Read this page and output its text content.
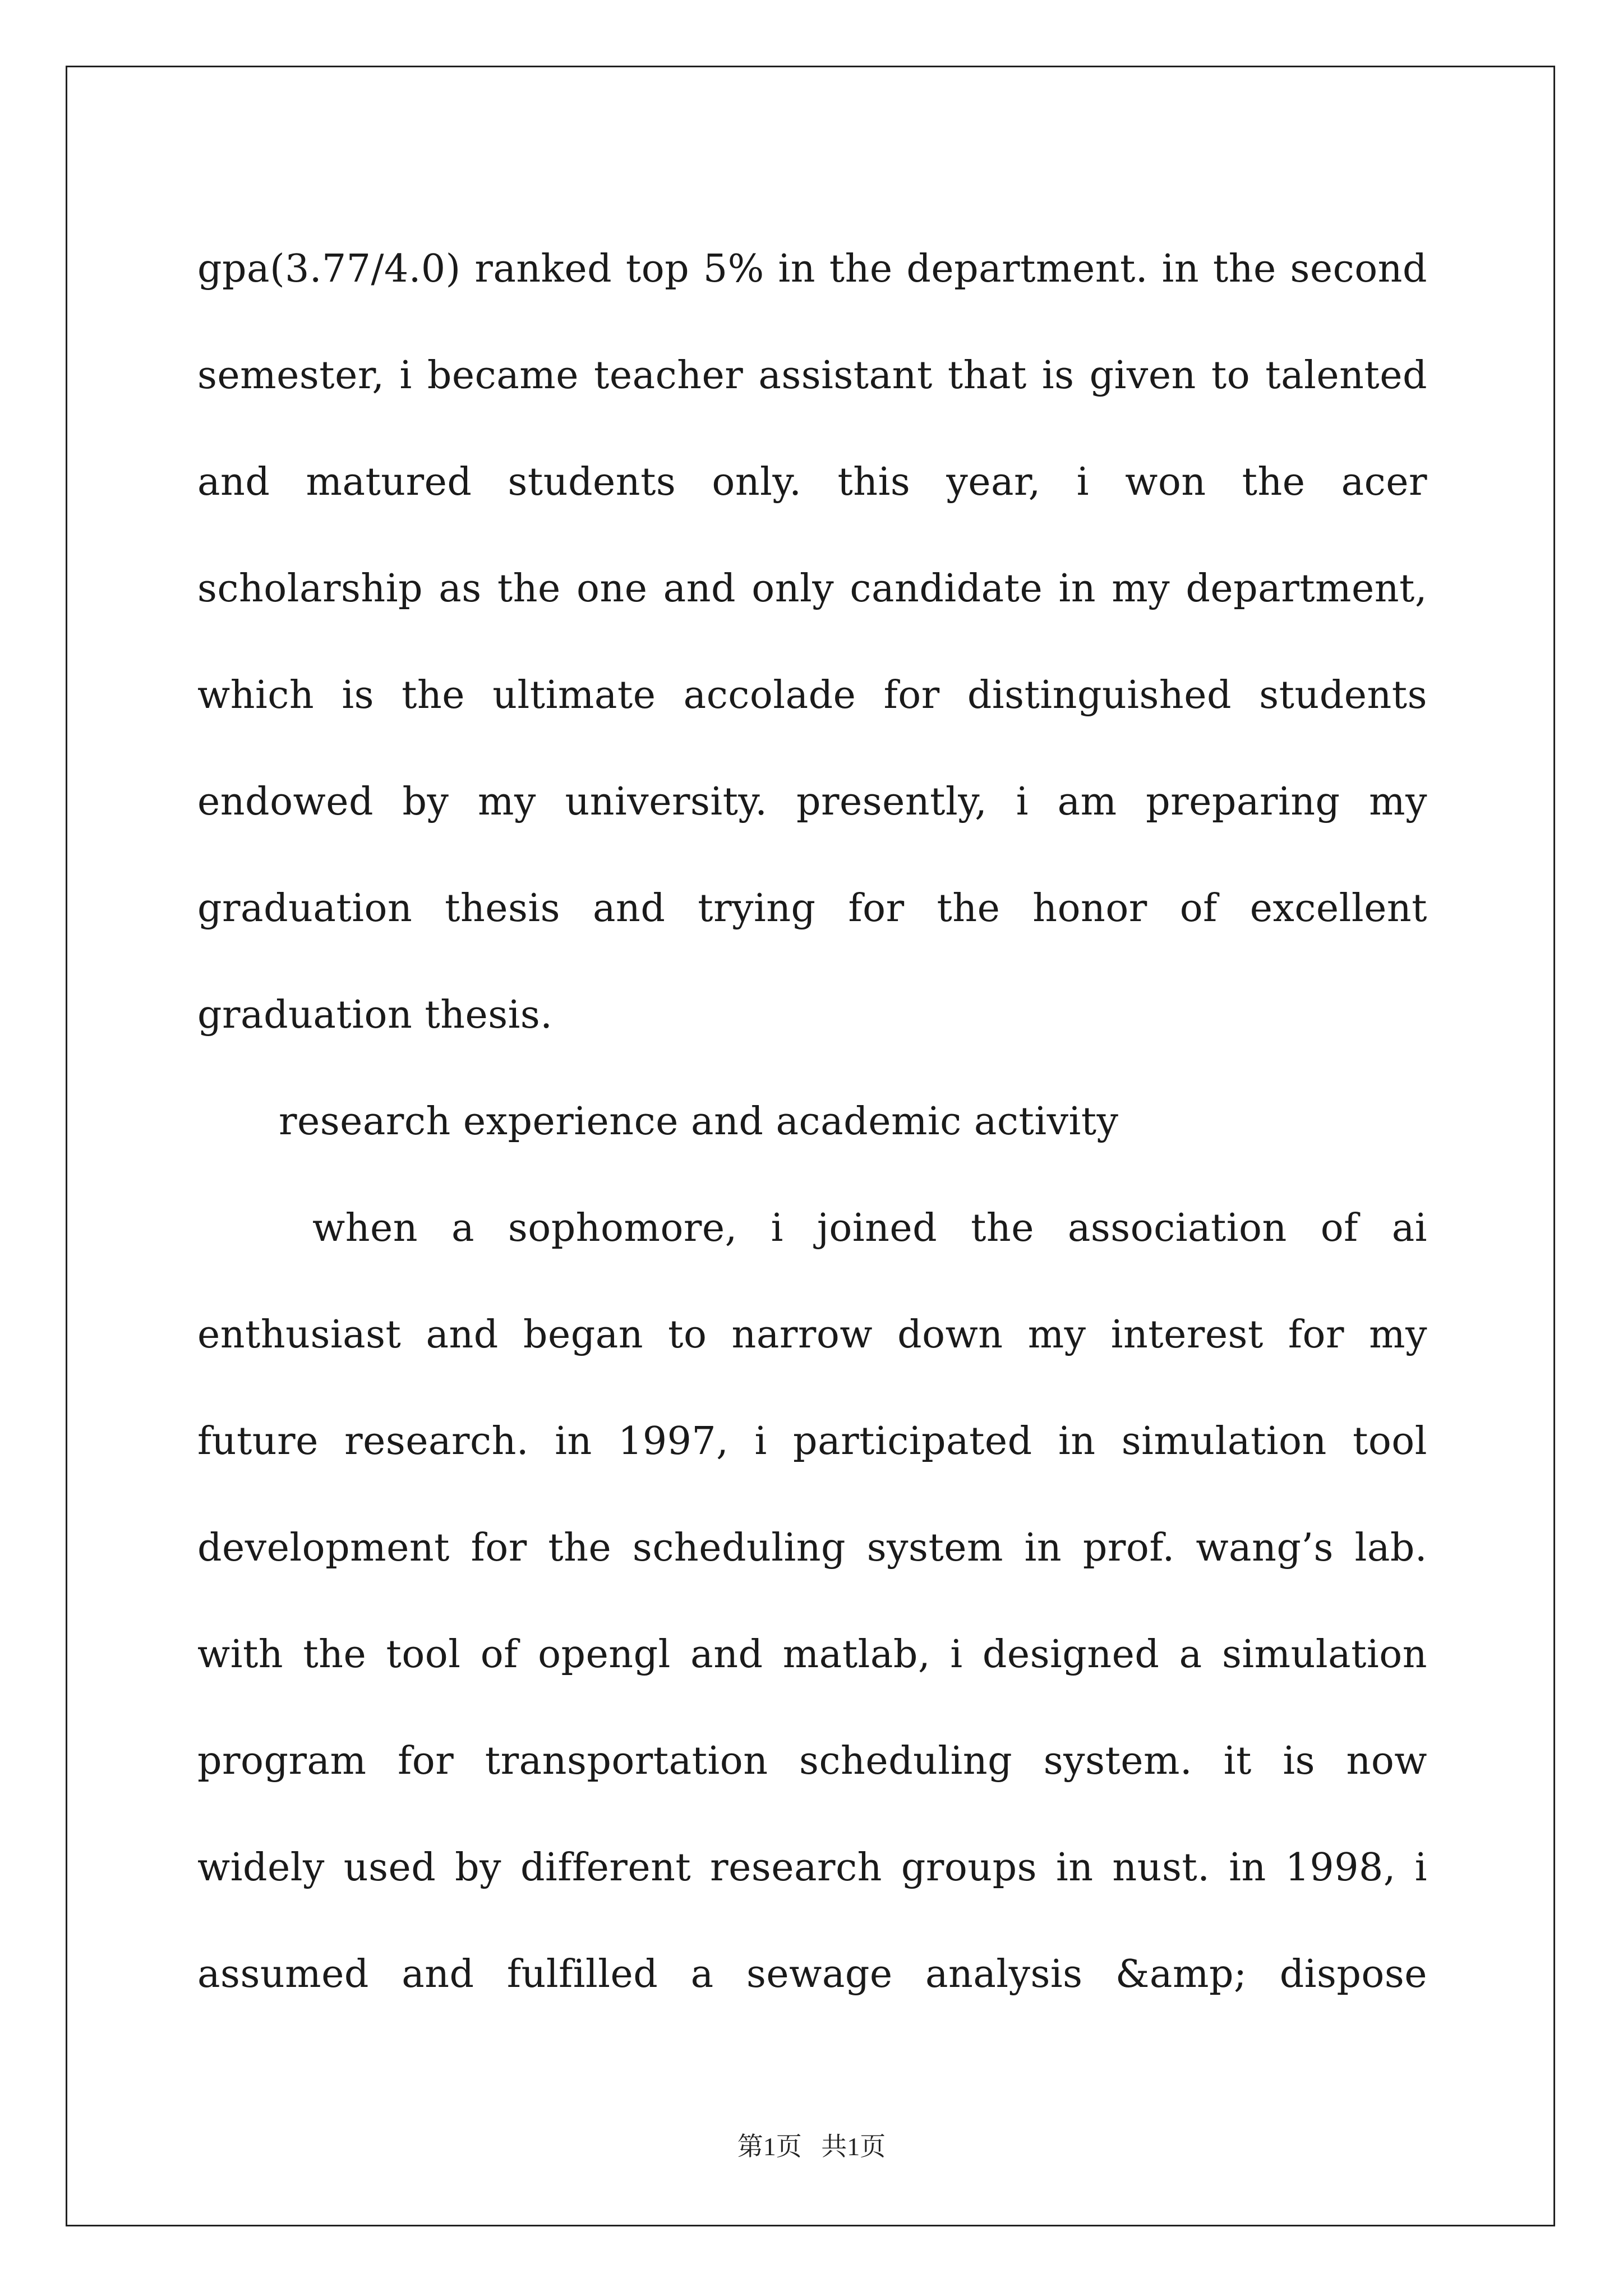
gpa(3.77/4.0) ranked top 5% in the department. in the second semester, i became teacher assistant that is given to talented and matured students only. this year, i won the acer scholarship as the one and only candidate in my department, which is the ultimate accolade for distinguished students endowed by my university. presently, i am preparing my graduation thesis and trying for the honor of excellent graduation thesis.

research experience and academic activity

when a sophomore, i joined the association of ai enthusiast and began to narrow down my interest for my future research. in 1997, i participated in simulation tool development for the scheduling system in prof. wang’s lab. with the tool of opengl and matlab, i designed a simulation program for transportation scheduling system. it is now widely used by different research groups in nust. in 1998, i assumed and fulfilled a sewage analysis &amp; dispose

第1页   共1页
